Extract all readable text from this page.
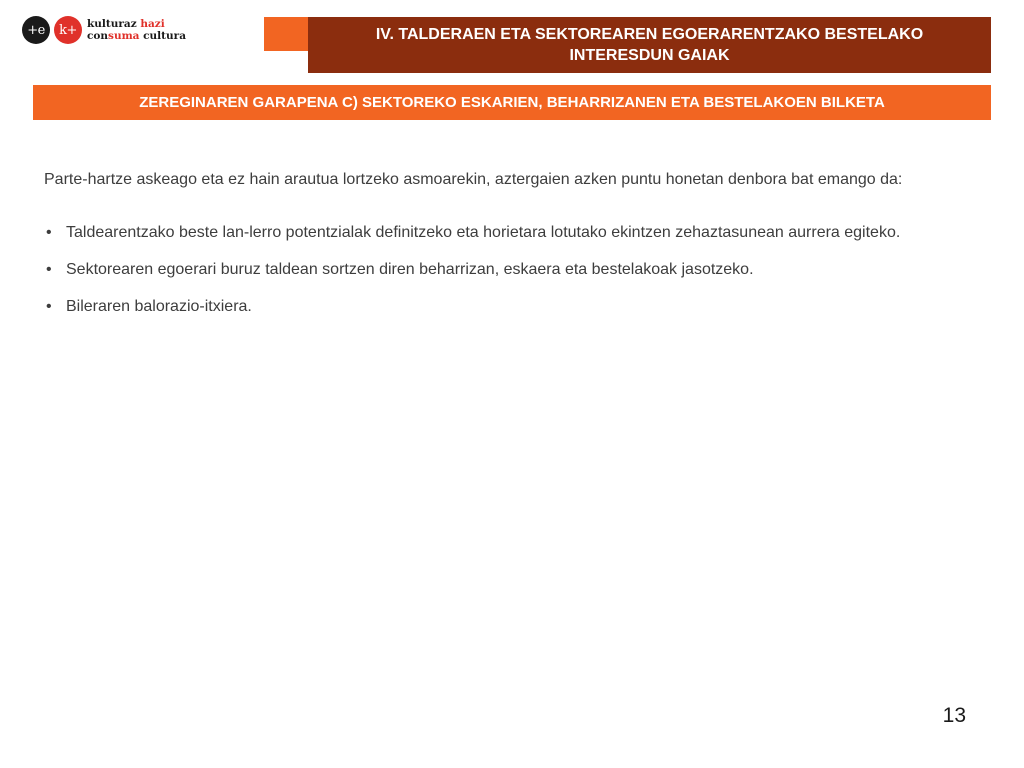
+e	k+ kulturaz hazi
consuma cultura	IV. TALDERAEN ETA SEKTOREAREN EGOERARENTZAKO BESTELAKO INTERESDUN GAIAK
ZEREGINAREN GARAPENA C) SEKTOREKO ESKARIEN, BEHARRIZANEN ETA BESTELAKOEN BILKETA

Parte-hartze askeago eta ez hain arautua lortzeko asmoarekin, aztergaien azken puntu honetan denbora bat emango da:

• Taldearentzako beste lan-lerro potentzialak definitzeko eta horietara lotutako ekintzen zehaztasunean aurrera egiteko.
• Sektorearen egoerari buruz taldean sortzen diren beharrizan, eskaera eta bestelakoak jasotzeko.
• Bileraren balorazio-itxiera.
13
